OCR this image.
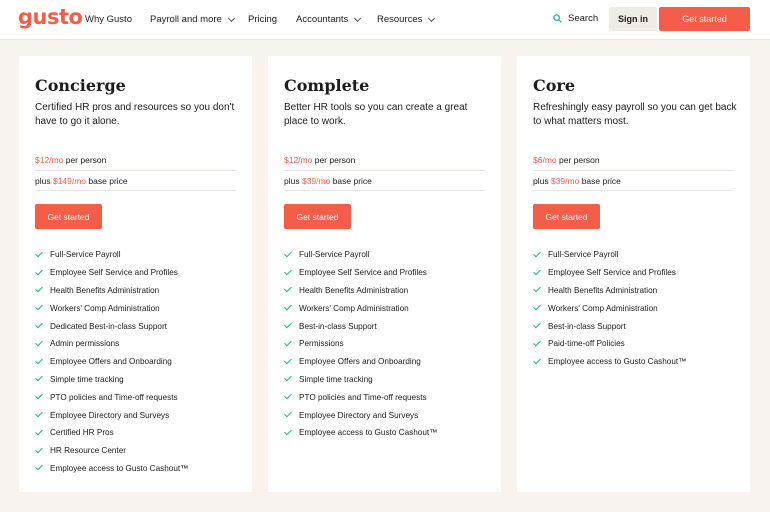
gusto Why Gusto Payroll and more	Pricing Accountants	Resources	Search	Sign in	Get started
Concierge

Certified HR pros and resources so you don't have to go it alone.

$12/mo per person
plus $149/mo base price
Get started
Full-Service Payroll
Employee Self Service and Profiles
Health Benefits Administration
Workers' Comp Administration
Dedicated Best-in-class Support
Admin permissions
Employee Offers and Onboarding
Simple time tracking
PTO policies and Time-off requests
Employee Directory and Surveys
Certified HR Pros
HR Resource Center
Employee access to Gusto Cashout™
Complete

Better HR tools so you can create a great place to work.

$12/mo per person
plus $39/mo base price
Get started
Full-Service Payroll
Employee Self Service and Profiles
Health Benefits Administration
Workers' Comp Administration
Best-in-class Support
Permissions
Employee Offers and Onboarding
Simple time tracking
PTO policies and Time-off requests
Employee Directory and Surveys
Employee access to Gusto Cashout™
Core

Refreshingly easy payroll so you can get back to what matters most.

$6/mo per person
plus $39/mo base price
Get started
Full-Service Payroll
Employee Self Service and Profiles
Health Benefits Administration
Workers' Comp Administration
Best-in-class Support
Paid-time-off Policies
Employee access to Gusto Cashout™
